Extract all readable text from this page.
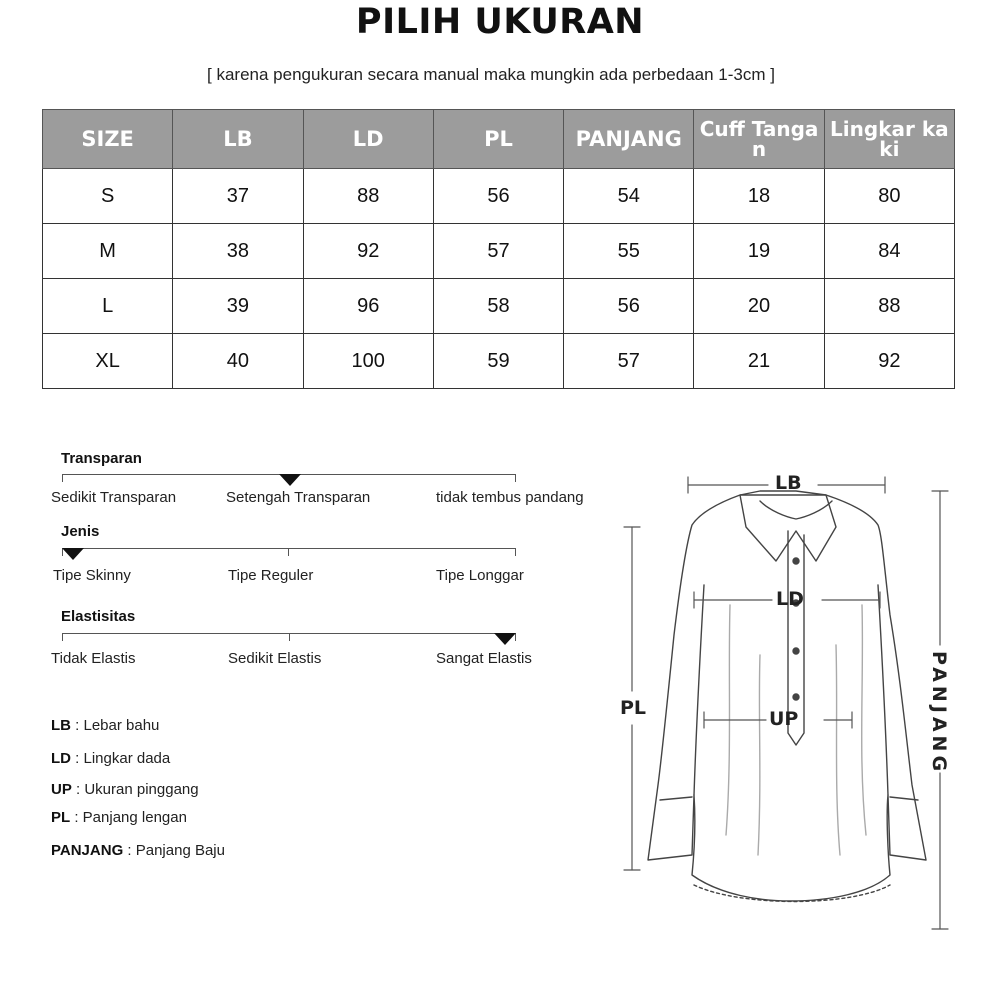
PILIH UKURAN
[ karena pengukuran secara manual maka mungkin ada perbedaan 1-3cm ]
SIZE	LB	LD	PL	PANJANG	Cuff Tangan	Lingkar kaki
S	37	88	56	54	18	80
M	38	92	57	55	19	84
L	39	96	58	56	20	88
XL	40	100	59	57	21	92
Transparan
Sedikit Transparan	Setengah Transparan	tidak tembus pandang
Jenis
Tipe Skinny	Tipe Reguler	Tipe Longgar
Elastisitas
Tidak Elastis	Sedikit Elastis	Sangat Elastis
LB : Lebar bahu
LD : Lingkar dada
UP : Ukuran pinggang
PL : Panjang lengan
PANJANG : Panjang Baju
LB
LD
UP
PL	PANJANG
